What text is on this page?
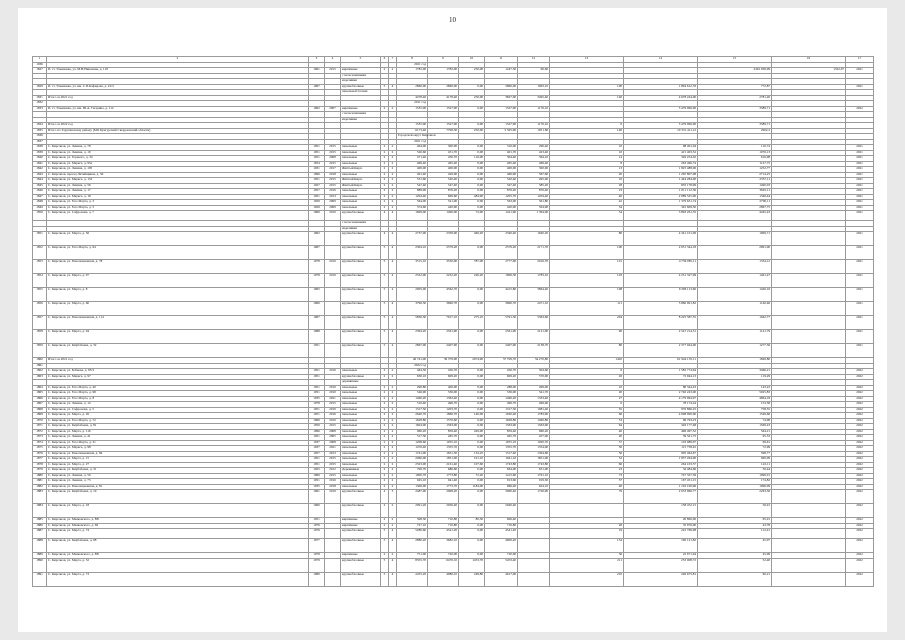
10
1	2	3	4	5	6	7	8	9	10	11	12	13	14	15	16	17
1936							2021 год									
1827	П. гт. Ульяновка, ул. М.Н.Николина, д. 118	1961	2015	кирпичные	2	2	1782,00	1782,00	250,00	1247,50	96,60			2461 036,09	1322,07	2021
				с незаселенными												
				изделиями												
1829	П. гт. Ульяновка, ул. им. С.П.Кафидова, д. 22/3	1967		крупноблочные	5	4	2860,00	2860,00	0,00	2860,00	1063,10	100	1 894 612,76	772,87		2021
				панельной блочки												
1831	Итого за 2021 год						4478,40	4178,40	250,00	3827,00	3495,40	140	4 678 244,00	2781,20		
1832							2011 год									
1833	П. гт. Ульяновка, ул. им. Ю.А. Гагарина, д. 112	1962	2007	кирпичные	2	2	1535,00	1527,90	0,00	1527,90	1170,10		5 479 096,00	3589,71		2022
				с незаселенными												
				изделиями												
1834	Итого за 2022 год						1535,00	1527,90	0,00	1527,90	1170,10	0	5 479 096,00	3589,71		
1835	Итого по Тарутинскому району (МО Кунгурский Свердловский области)						6173,40	7706,30	250,00	5 505,90	105 160	140	10 331 411,12	2902,2		
1836							Городской округ Кирсанов									
1837							2021 год									
1838	С. Кирсанов, ул. Ленина, д. 78	1951	2015	панельные	2	2	464,00	300,00	0,00	310,00	260,40	10	98 491,04	110,74		2021
1839	С. Кирсанов, ул. Ленина, д. 19	1951	2015	панельные	2	2	520,60	451,70	0,00	401,70	423,40	10	415 403,52	1076,13		2021
1840	С. Кирсанов, ул. Горького, д. 34	1951	2008	панельные	2	2	471,40	456,70	116,00	304,40	364,10	14	326 254,02	616,98		2021
1841	С. Кирсанов, ул. Маркса, д. 95а	1954	2015	панельные	2	2	469,40	465,40	0,00	465,40	469,40	8	263 496,74	1127,75		2021
1842	С. Кирсанов, ул. Ленина, д. 105	1931	2017	Жёлтый Кирп.	2	2	400,00	400,00	0,00	400,00	300,00	13	1 825 488,06	1252,77		2021
1843	С. Кирсанов, проезд Литейщиков, д. 56	1996	2018	панельные	2	2	491,40	426,90	0,00	466,90	367,60	20	1 265 807,08	2714,25		2021
1844	С. Кирсанов, ул. Маркса, д. 152	1951	2015	Жёлтый Кирп.	2	2	531,60	520,40	0,00	520,40	495,00	10	1 444 284,00	2357,11		2021
1845	С. Кирсанов, ул. Ленина, д. 56	1927	2015	Жёлтый Кирп.	2	2	547,40	547,40	0,00	547,40	385,20	28	835 178,99	1490,03		2021
1846	С. Кирсанов, ул. Ленина, д. 17	1957	2016	панельные	2	2	889,90	876,20	0,00	876,20	876,40	23	1 011 112,36	3645,11		2021
1847	С. Кирсанов, ул. Маркса, д. 18	1951	2013	панельные	2	2	1204,40	669,60	484,90	1205,70	1204,40	40	2 089 525,00	1346,44		2021
1848	С. Кирсанов, ул. 8 по Марта, д. 3	1929	2009	панельные	2	2	564,00	541,00	0,00	563,00	361,80	42	1 379 631,74	2700,11		2021
1849	С. Кирсанов, ул. 8 по Марта, д. 5	1929	2009	панельные	2	2	374,60	420,90	0,00	420,00	504,90	34	345 609,50	2867,75		2021
1850	С. Кирсанов, ул. Сафронова, д. 7	1969	2010	крупноблочные	4	4	1609,00	1490,00	72,00	1421,90	1 394,00	54	3 863 261,35	4445,43		2021
				с незаселенными												
				изделиями												
1851	С. Кирсанов, ул. Марта, д. 56	1962		крупноблочные	4	4	2737,00	2339,90	460,20	2340,40	1940,20	80	4 341 101,09	1909,71		2021
1852	С. Кирсанов, ул. 8 по Марта, д. 94	1967		крупноблочные	5	4	2304,10	2579,20	0,00	2579,20	2171,70	100	2 051 344,18	2991,00		2021
1853	С. Кирсанов, ул. Революционная, д. 78	1978	2010	крупноблочные	5	4	3515,10	3550,00	787,00	2777,00	2016,70	101	4 736 085,11	1334,12		2021
1854	С. Кирсанов, ул. Марта, д. 97	1978	2010	крупноблочные	5	4	2522,00	2252,20	226,20	1996,30	1783,10	103	4 251 327,09	1461,47		2021
1855	С. Кирсанов, ул. Марта, д. 8	1965		крупноблочные	5	4	2005,00	4562,70	0,00	4415,80	3864,40	198	6 306 113,60	1426,16		2021
1856	С. Кирсанов, ул. Марта, д. 60	1966		крупноблочные	5	4	3796,30	3690,70	0,00	3690,70	2471,10	111	5 860 901,82	1140,46		2021
1857	С. Кирсанов, ул. Революционная, д. 114	1967		крупноблочные	5	4	5830,30	7917,10	275,10	5791,30	5363,60	204	8 225 587,55	1042,77		2021
1858	С. Кирсанов, ул. Марта, д. 94	1988		крупноблочные	5	4	2394,20	2561,90	0,00	2561,90	2121,00	90	2 547 214,51	1141,79		2021
1859	С. Кирсанов, ул. Кирбабаева, д. 32	1951		крупноблочные	5	4	2867,00	2407,90	0,00	2407,90	2138,70	80	2 377 044,00	1277,36		2021
1860	Итого за 2021 год						46 741,00	39 379,00	2074,90	37 709,70	34 270,80	1402	61 944 135,11	1849,80		
1861							2022 год									
1862	С. Кирсанов, ул. Бобкова, д. 85/3	1951	2016	панельные	2	2	464,50	456,70	0,00	456,70	304,60	6	1 582 774,64	3466,21		2022
1863	С. Кирсанов, ул. Маркса, д. 97	1951		крупноблочные	2	2	630,10	609,20	0,00	609,20	570,00	26	72 944,13	119,29		2022
				деревянные												
1864	С. Кирсанов, ул. 8 по Марта, д. 40	1951	2010	панельные	2	2	296,80	400,00	0,00	288,00	499,00	10	80 344,43	143,22		2022
1865	С. Кирсанов, ул. 8 по Марта, д. 98	1951	2010	панельные	2	2	546,90	536,00	0,00	536,00	341,70	20	2 740 243,00	5025,83		2022
1866	С. Кирсанов, ул. 8 по Марта, д. 8	1935	2021	панельные	2	2	1460,20	1363,40	0,00	1460,20	1333,40	27	4 179 094,97	4864,18		2022
1867	С. Кирсанов, ул. Ленина, д. 14	1978	2015	панельные	2	2	510,40	496,70	0,00	496,70	469,00	6	78 174,24	153,58		2022
1868	С. Кирсанов, ул. Сафронова, д. 5	1951	2016	панельные	2	2	1317,50	1203,70	0,00	1317,50	1081,40	35	976 866,25	758,55		2022
1869	С. Кирсанов, ул. Марта, д. 26	1951	2016	панельные	2	2	2640,70	1860,70	140,00	1920,40	1783,00	60	4 098 000,00	1549,66		2022
1870	С. Кирсанов, ул. 8 по Марта, д. 72	1966	2010	панельные	2	2	1628,80	1570,60	0,00	1628,80	1490,80	53	99 793,23	74,98		2022
1871	С. Кирсанов, ул. Кирбабаева, д. 81	1956	2015	панельные	2	2	1604,00	1563,00	0,00	1563,00	1563,00	64	326 177,48	1569,43		2022
1872	С. Кирсанов, ул. Марта, д. 116	1996	2008	панельные	2	2	960,20	859,40	429,00	859,40	960,20	40	496 497,32	564,21		2022
1873	С. Кирсанов, ул. Ленина, д. 41	1951	2005	панельные	2	2	517,30	465,70	0,00	465,70	457,00	20	59 321,75	95,53		2022
1874	С. Кирсанов, ул. 8 по Марта, д. 31	1937	2008	панельные	2	2	1208,60	1055,10	0,00	1055,10	1020,70	57	103 089,07	69,61		2022
1875	С. Кирсанов, ул. Маркса, д. 98	1937	2021	панельные	2	2	1476,40	1355,70	0,00	1355,70	1354,00	50	115 758,45	72,99		2022
1876	С. Кирсанов, ул. Революционная, д. 84	1957	2013	панельные	2	2	1741,00	1651,50	134,10	1517,40	1304,60	56	905 464,67	598,77		2022
1877	С. Кирсанов, ул. Марта, д. 15	1951	2015	панельные	2	2	2060,00	1851,00	101,10	1941,10	1851,00	52	1 857 264,90	900,09		2022
1878	С. Кирсанов, ул. Марта, д. 27	1951	2015	панельные	2	2	2323,00	2161,40	107,60	1743,80	1743,80	60	264 103,57	122,11		2022
1879	С. Кирсанов, ул. Кирбабаева, д. 31	1925	2012	Деревянные	2	2	706,70	686,60	0,00	664,00	651,00	23	34 484,66	50,44		2022
1880	С. Кирсанов, ул. Ленина, д. 50	1966	2015	панельные	2	2	1900,70	1773,80	72,20	1415,60	1761,10	73	747 327,59	1096,01		2022
1881	С. Кирсанов, ул. Ленина, д. 73	1951	2016	панельные	2	2	945,10	941,40	0,00	913,60	919,50	37	167 451,15	174,82		2022
1882	С. Кирсанов, ул. Революционная, д. 81	1935	2018	панельные	2	2	1306,00	1773,70	1184,00	966,40	624,10	40	1 102 100,96	1096,09		2022
1883	С. Кирсанов, ул. Кирбабаева, д. 19	1961	2019	крупноблочные	4	3	2487,00	2008,20	0,00	3090,40	1726,90	79	2 053 966,77	2263,56		2022
1884	С. Кирсанов, ул. Марта, д. 18	1966		крупноблочные	2	2	2091,20	2056,40	0,00	2040,40			138 452,15	56,91		2022
1885	С. Кирсанов, ул. Маяковского, д. 8В	1951		кирпичные	2	2	308,50	716,80	80,30	606,40			20 806,00	65,01		2022
1886	С. Кирсанов, ул. Маяковского, д. 69	1976		кирпичные	2	2	727,10	716,80	0,00	716,80		28	35 976,00	43,78		2022
1887	С. Кирсанов, ул. Марта, д. 74	1976		крупноблочные	5	4	5280,60	4541,20	0,00	4541,20		19	222 769,08	112,41		2022
1888	С. Кирсанов, ул. Кирбабаева, д. 68	1977		крупноблочные	5	4	2880,20	3682,10	0,00	4600,20		154	190 121,82	45,07		2022
1889	С. Кирсанов, ул. Маяковского, д. 8В	1978		кирпичные	2	2	751,00	720,00	0,00	720,00		36	22 671,04	45,09		2022
1890	С. Кирсанов, ул. Марта, д. 52	1979		крупноблочные	5	4	8355,70	6470,10	1453,70	5453,40		211	253 008,72	52,40		2022
1891	С. Кирсанов, ул. Марта, д. 73	1980		крупноблочные	5	4	2455,20	4986,10	248,80	4617,00		210	246 675,81	60,21		2022
